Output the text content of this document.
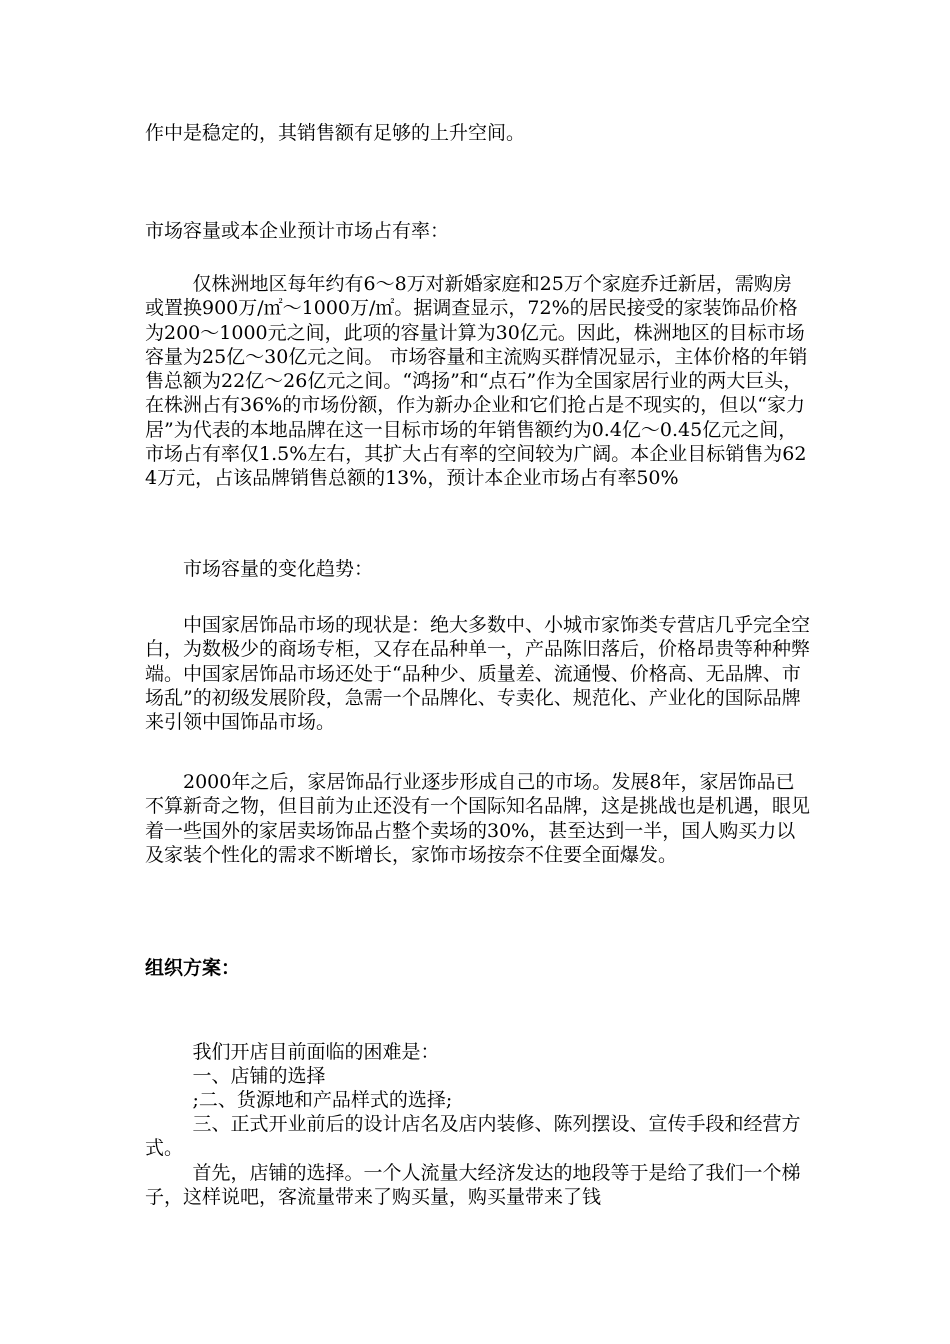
作中是稳定的，其销售额有足够的上升空间。

市场容量或本企业预计市场占有率：

仅株洲地区每年约有6～8万对新婚家庭和25万个家庭乔迁新居，需购房或置换900万/㎡～1000万/㎡。据调查显示，72%的居民接受的家装饰品价格为200～1000元之间，此项的容量计算为30亿元。因此，株洲地区的目标市场容量为25亿～30亿元之间。 市场容量和主流购买群情况显示，主体价格的年销售总额为22亿～26亿元之间。“鸿扬”和“点石”作为全国家居行业的两大巨头，在株洲占有36%的市场份额，作为新办企业和它们抢占是不现实的，但以“家力居”为代表的本地品牌在这一目标市场的年销售额约为0.4亿～0.45亿元之间，市场占有率仅1.5%左右，其扩大占有率的空间较为广阔。本企业目标销售为624万元，占该品牌销售总额的13%，预计本企业市场占有率50%

市场容量的变化趋势：

中国家居饰品市场的现状是：绝大多数中、小城市家饰类专营店几乎完全空白，为数极少的商场专柜，又存在品种单一，产品陈旧落后，价格昂贵等种种弊端。中国家居饰品市场还处于“品种少、质量差、流通慢、价格高、无品牌、市场乱”的初级发展阶段，急需一个品牌化、专卖化、规范化、产业化的国际品牌来引领中国饰品市场。

2000年之后，家居饰品行业逐步形成自己的市场。发展8年，家居饰品已不算新奇之物，但目前为止还没有一个国际知名品牌，这是挑战也是机遇，眼见着一些国外的家居卖场饰品占整个卖场的30%，甚至达到一半，国人购买力以及家装个性化的需求不断增长，家饰市场按奈不住要全面爆发。

组织方案：

我们开店目前面临的困难是：

一、店铺的选择

;二、货源地和产品样式的选择;

三、正式开业前后的设计店名及店内装修、陈列摆设、宣传手段和经营方式。

首先，店铺的选择。一个人流量大经济发达的地段等于是给了我们一个梯子，这样说吧，客流量带来了购买量，购买量带来了钱
